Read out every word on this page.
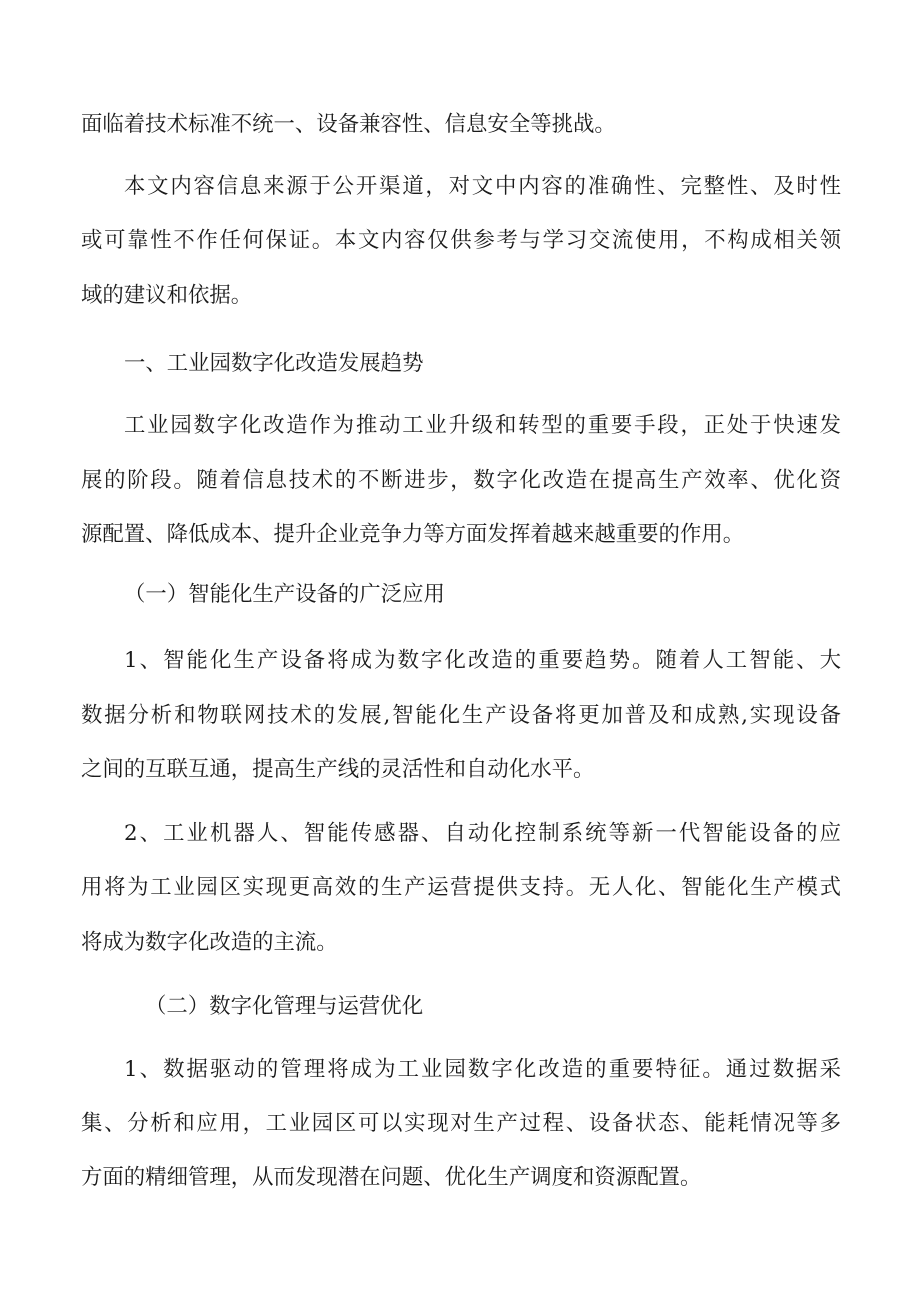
面临着技术标准不统一、设备兼容性、信息安全等挑战。
本文内容信息来源于公开渠道，对文中内容的准确性、完整性、及时性
或可靠性不作任何保证。本文内容仅供参考与学习交流使用，不构成相关领
域的建议和依据。
一、工业园数字化改造发展趋势
工业园数字化改造作为推动工业升级和转型的重要手段，正处于快速发
展的阶段。随着信息技术的不断进步，数字化改造在提高生产效率、优化资
源配置、降低成本、提升企业竞争力等方面发挥着越来越重要的作用。
（一）智能化生产设备的广泛应用
1、智能化生产设备将成为数字化改造的重要趋势。随着人工智能、大
数据分析和物联网技术的发展,智能化生产设备将更加普及和成熟,实现设备
之间的互联互通，提高生产线的灵活性和自动化水平。
2、工业机器人、智能传感器、自动化控制系统等新一代智能设备的应
用将为工业园区实现更高效的生产运营提供支持。无人化、智能化生产模式
将成为数字化改造的主流。
（二）数字化管理与运营优化
1、数据驱动的管理将成为工业园数字化改造的重要特征。通过数据采
集、分析和应用，工业园区可以实现对生产过程、设备状态、能耗情况等多
方面的精细管理，从而发现潜在问题、优化生产调度和资源配置。
